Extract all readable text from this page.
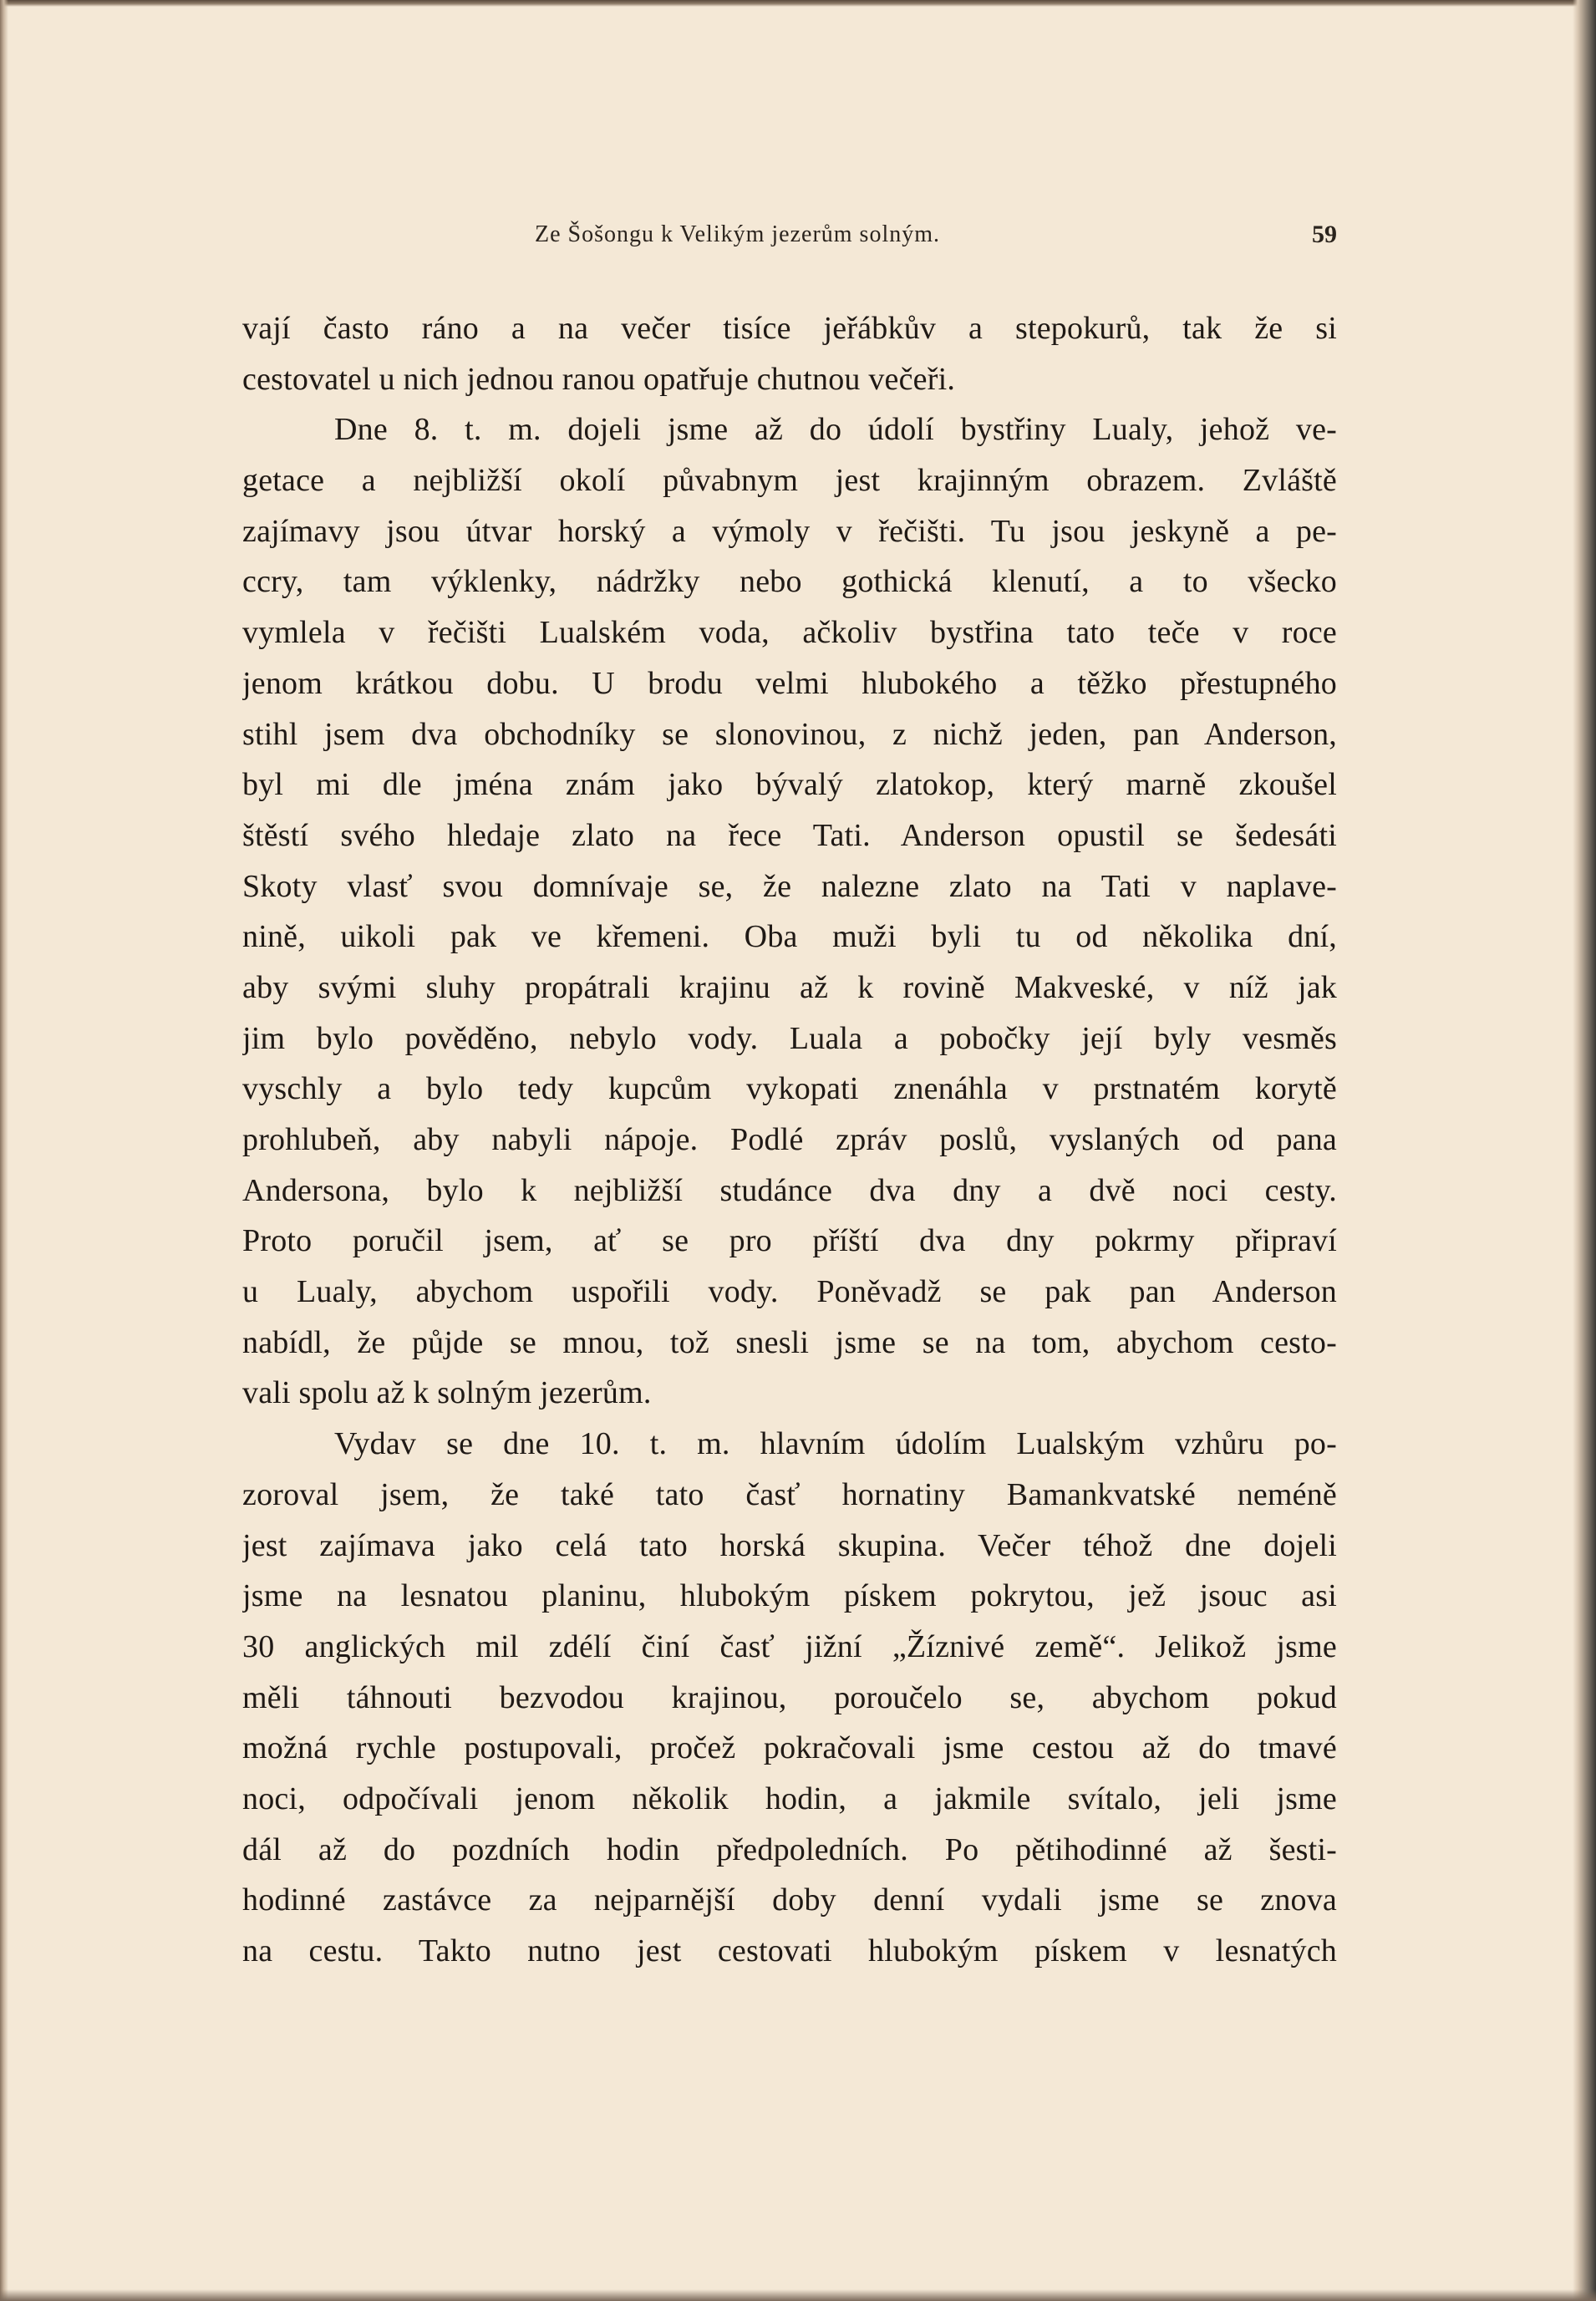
Ze Šošongu k Velikým jezerům solným.	59
vají často ráno a na večer tisíce jeřábkův a stepokurů, tak že si
cestovatel u nich jednou ranou opatřuje chutnou večeři.
Dne 8. t. m. dojeli jsme až do údolí bystřiny Lualy, jehož ve-
getace a nejbližší okolí půvabnym jest krajinným obrazem. Zvláště
zajímavy jsou útvar horský a výmoly v řečišti. Tu jsou jeskyně a pe-
ccry, tam výklenky, nádržky nebo gothická klenutí, a to všecko
vymlela v řečišti Lualském voda, ačkoliv bystřina tato teče v roce
jenom krátkou dobu. U brodu velmi hlubokého a těžko přestupného
stihl jsem dva obchodníky se slonovinou, z nichž jeden, pan Anderson,
byl mi dle jména znám jako bývalý zlatokop, který marně zkoušel
štěstí svého hledaje zlato na řece Tati. Anderson opustil se šedesáti
Skoty vlasť svou domnívaje se, že nalezne zlato na Tati v naplave-
nině, uikoli pak ve křemeni. Oba muži byli tu od několika dní,
aby svými sluhy propátrali krajinu až k rovině Makveské, v níž jak
jim bylo pověděno, nebylo vody. Luala a pobočky její byly vesměs
vyschly a bylo tedy kupcům vykopati znenáhla v prstnatém korytě
prohlubeň, aby nabyli nápoje. Podlé zpráv poslů, vyslaných od pana
Andersona, bylo k nejbližší studánce dva dny a dvě noci cesty.
Proto poručil jsem, ať se pro příští dva dny pokrmy připraví
u Lualy, abychom uspořili vody. Poněvadž se pak pan Anderson
nabídl, že půjde se mnou, tož snesli jsme se na tom, abychom cesto-
vali spolu až k solným jezerům.
Vydav se dne 10. t. m. hlavním údolím Lualským vzhůru po-
zoroval jsem, že také tato časť hornatiny Bamankvatské neméně
jest zajímava jako celá tato horská skupina. Večer téhož dne dojeli
jsme na lesnatou planinu, hlubokým pískem pokrytou, jež jsouc asi
30 anglických mil zdélí činí časť jižní „Žíznivé země“. Jelikož jsme
měli táhnouti bezvodou krajinou, poroučelo se, abychom pokud
možná rychle postupovali, pročež pokračovali jsme cestou až do tmavé
noci, odpočívali jenom několik hodin, a jakmile svítalo, jeli jsme
dál až do pozdních hodin předpoledních. Po pětihodinné až šesti-
hodinné zastávce za nejparnější doby denní vydali jsme se znova
na cestu. Takto nutno jest cestovati hlubokým pískem v lesnatých
